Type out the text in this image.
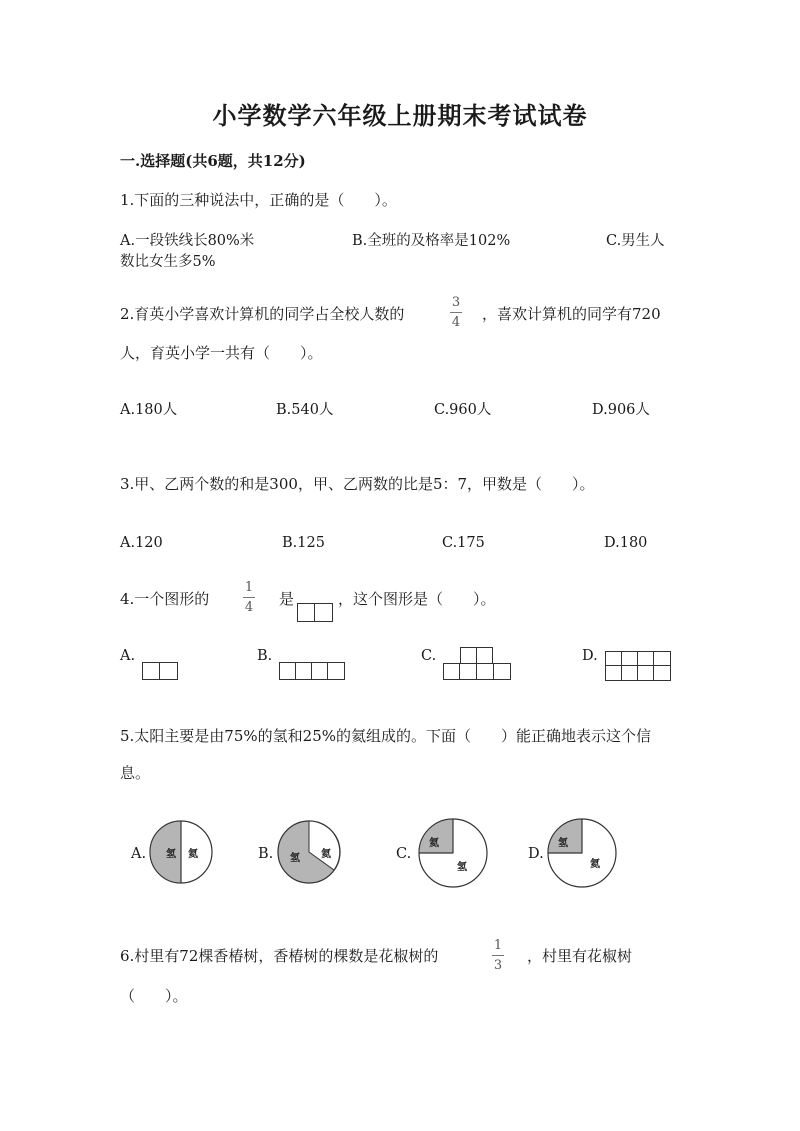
小学数学六年级上册期末考试试卷
一.选择题(共6题，共12分)
1.下面的三种说法中，正确的是（　　）。
A.一段铁线长80%米	B.全班的及格率是102%	C.男生人
数比女生多5%
2.育英小学喜欢计算机的同学占全校人数的
3
4 ，喜欢计算机的同学有720
人，育英小学一共有（　　）。
A.180人	B.540人	C.960人	D.906人
3.甲、乙两个数的和是300，甲、乙两数的比是5：7，甲数是（　　）。
A.120	B.125	C.175	D.180
4.一个图形的
1
4 是	，这个图形是（　　）。
A.	B.	C.	D.
5.太阳主要是由75%的氢和25%的氦组成的。下面（　　）能正确地表示这个信
息。
A. 氢 氦	B. 氢 氦	C.
氦
氢
D.
氢
氦
6.村里有72棵香椿树，香椿树的棵数是花椒树的
1
3
，村里有花椒树
（　　）。
